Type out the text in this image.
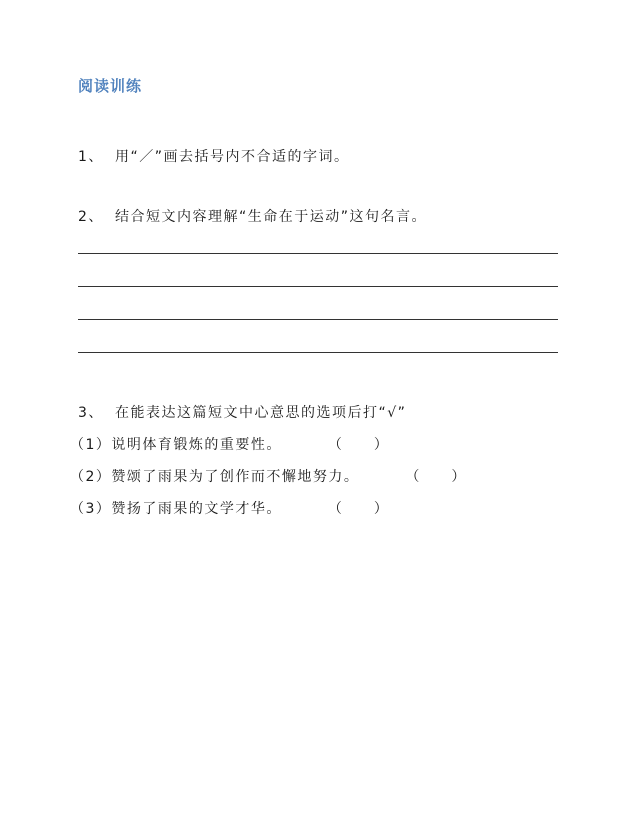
阅读训练
1、 用“／”画去括号内不合适的字词。
2、 结合短文内容理解“生命在于运动”这句名言。
3、 在能表达这篇短文中心意思的选项后打“√”
（1）说明体育锻炼的重要性。	（ ）
（2）赞颂了雨果为了创作而不懈地努力。	（ ）
（3）赞扬了雨果的文学才华。	（ ）
